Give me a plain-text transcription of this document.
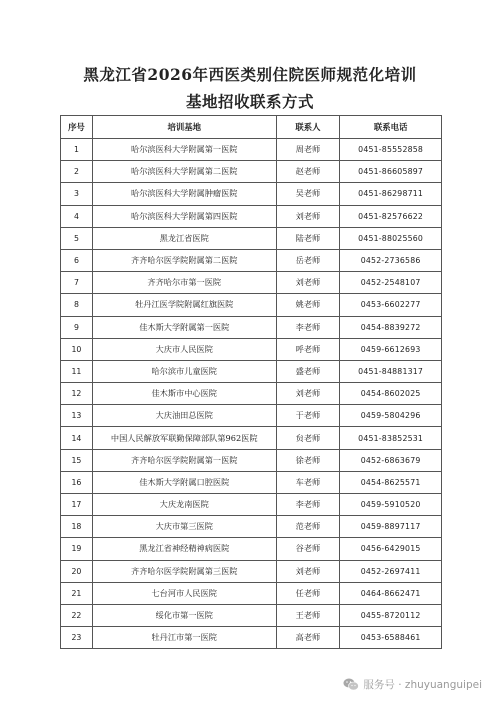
黑龙江省2026年西医类别住院医师规范化培训
基地招收联系方式
序号	培训基地	联系人	联系电话
1	哈尔滨医科大学附属第一医院	周老师	0451-85552858
2	哈尔滨医科大学附属第二医院	赵老师	0451-86605897
3	哈尔滨医科大学附属肿瘤医院	吴老师	0451-86298711
4	哈尔滨医科大学附属第四医院	刘老师	0451-82576622
5	黑龙江省医院	陆老师	0451-88025560
6	齐齐哈尔医学院附属第二医院	岳老师	0452-2736586
7	齐齐哈尔市第一医院	刘老师	0452-2548107
8	牡丹江医学院附属红旗医院	姚老师	0453-6602277
9	佳木斯大学附属第一医院	李老师	0454-8839272
10	大庆市人民医院	呼老师	0459-6612693
11	哈尔滨市儿童医院	盛老师	0451-84881317
12	佳木斯市中心医院	刘老师	0454-8602025
13	大庆油田总医院	于老师	0459-5804296
14	中国人民解放军联勤保障部队第962医院	贠老师	0451-83852531
15	齐齐哈尔医学院附属第一医院	徐老师	0452-6863679
16	佳木斯大学附属口腔医院	车老师	0454-8625571
17	大庆龙南医院	李老师	0459-5910520
18	大庆市第三医院	范老师	0459-8897117
19	黑龙江省神经精神病医院	谷老师	0456-6429015
20	齐齐哈尔医学院附属第三医院	刘老师	0452-2697411
21	七台河市人民医院	任老师	0464-8662471
22	绥化市第一医院	王老师	0455-8720112
23	牡丹江市第一医院	高老师	0453-6588461
服务号 · zhuyuanguipei
